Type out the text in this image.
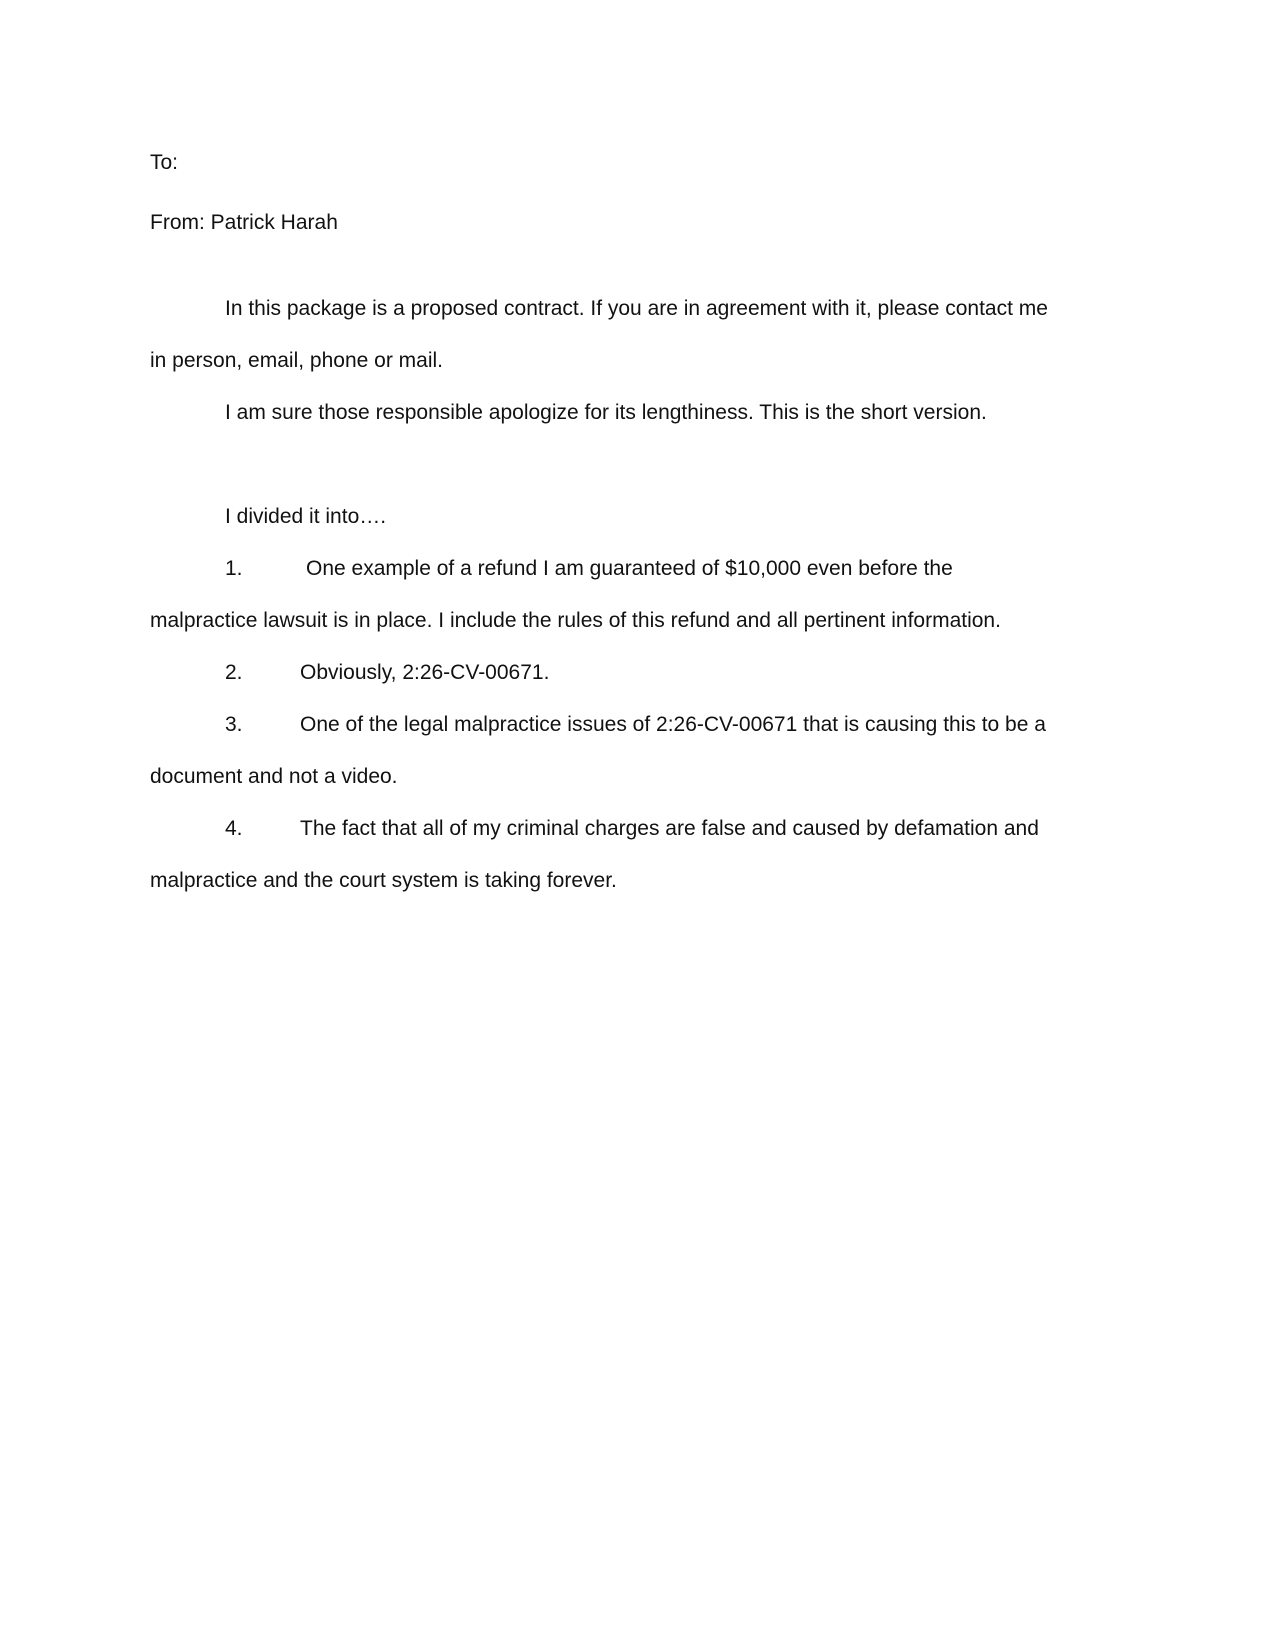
To:
From: Patrick Harah
In this package is a proposed contract. If you are in agreement with it, please contact me
in person, email, phone or mail.
I am sure those responsible apologize for its lengthiness. This is the short version.
I divided it into….
1.	One example of a refund I am guaranteed of $10,000 even before the
malpractice lawsuit is in place. I include the rules of this refund and all pertinent information.
2.	Obviously, 2:26-CV-00671.
3.	One of the legal malpractice issues of 2:26-CV-00671 that is causing this to be a
document and not a video.
4.	The fact that all of my criminal charges are false and caused by defamation and
malpractice and the court system is taking forever.
